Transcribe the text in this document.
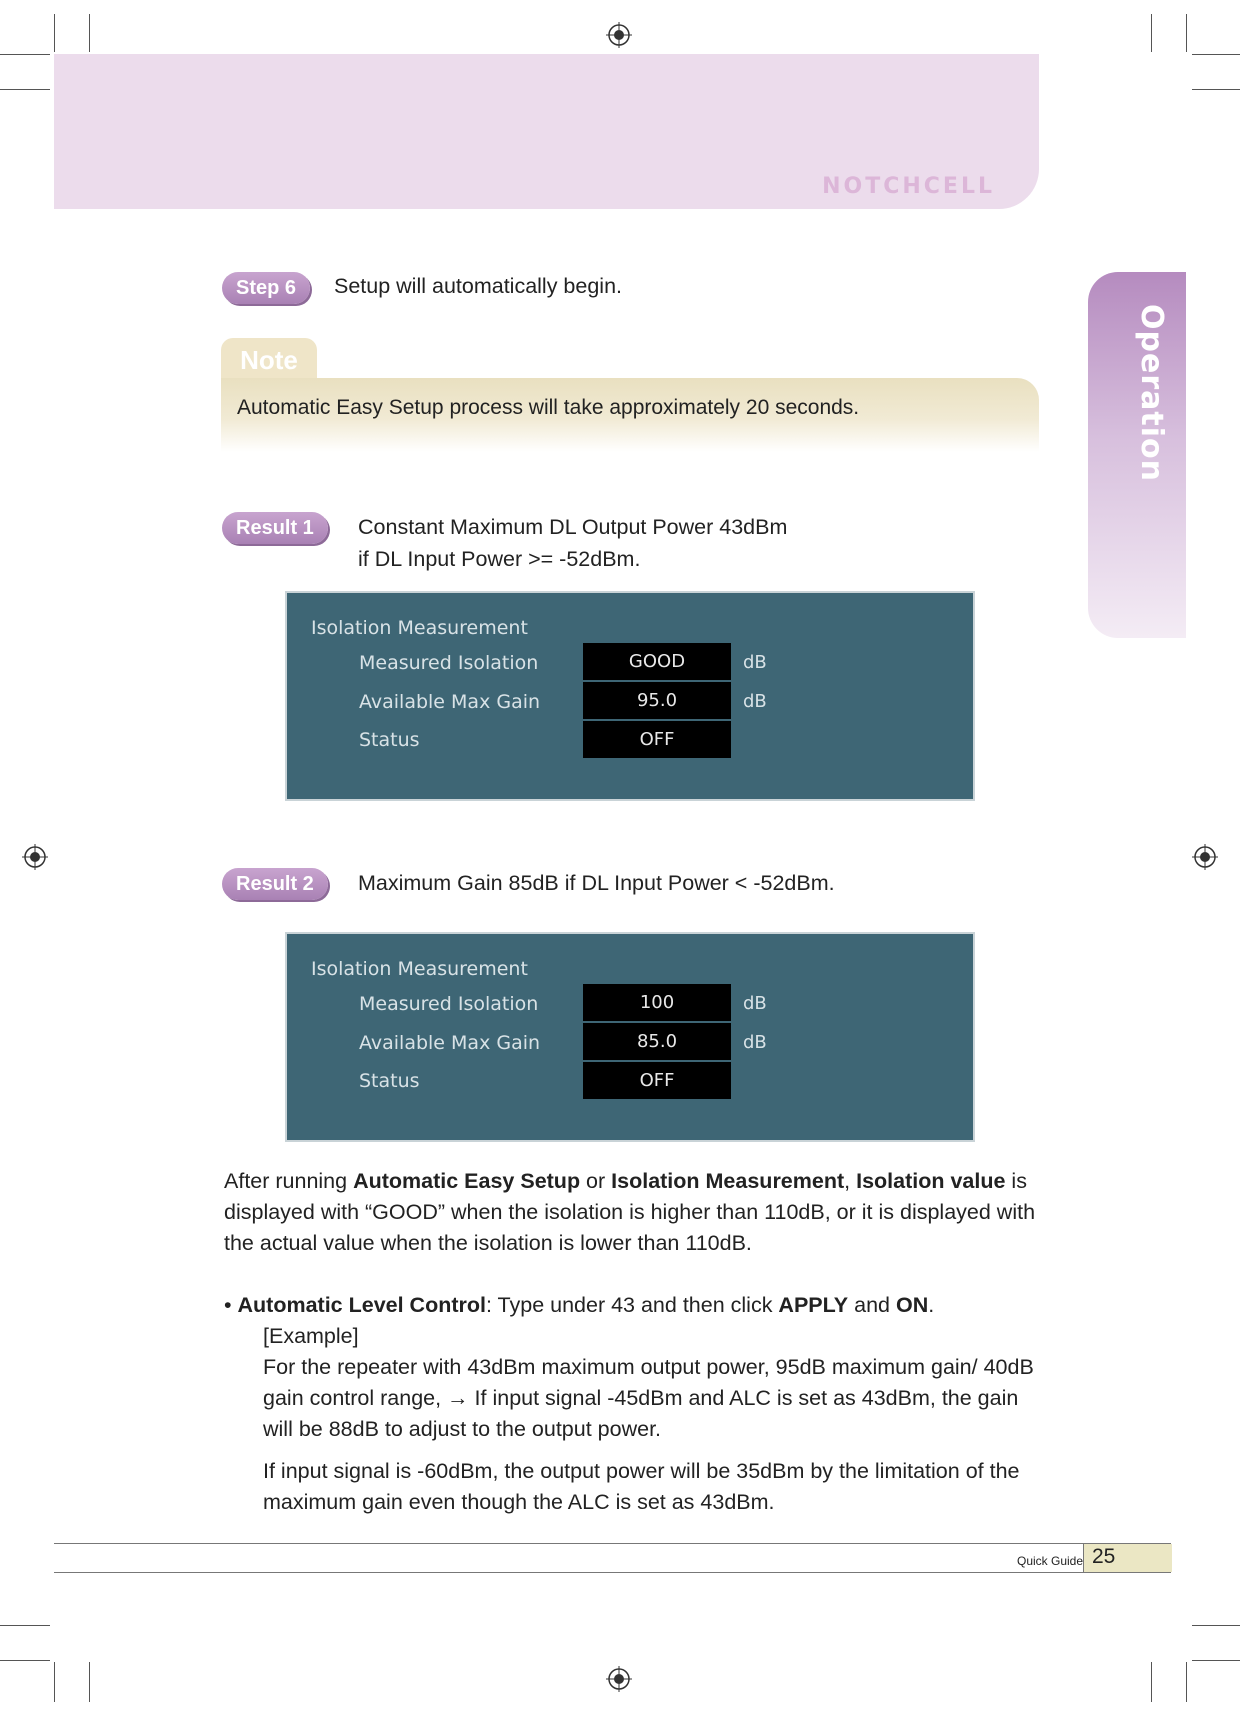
NOTCHCELL
Operation
Step 6	Setup will automatically begin.
Note
Automatic Easy Setup process will take approximately 20 seconds.
Result 1	Constant Maximum DL Output Power 43dBm
if DL Input Power >= -52dBm.
Isolation Measurement
Measured Isolation	GOOD	dB
Available Max Gain	95.0	dB
Status	OFF
Result 2	Maximum Gain 85dB if DL Input Power < -52dBm.
Isolation Measurement
Measured Isolation	100	dB
Available Max Gain	85.0	dB
Status	OFF
After running Automatic Easy Setup or Isolation Measurement, Isolation value is displayed with “GOOD” when the isolation is higher than 110dB, or it is displayed with the actual value when the isolation is lower than 110dB.
• Automatic Level Control: Type under 43 and then click APPLY and ON.
[Example]
For the repeater with 43dBm maximum output power, 95dB maximum gain/ 40dB gain control range, → If input signal -45dBm and ALC is set as 43dBm, the gain will be 88dB to adjust to the output power.
If input signal is -60dBm, the output power will be 35dBm by the limitation of the maximum gain even though the ALC is set as 43dBm.
Quick Guide 25
